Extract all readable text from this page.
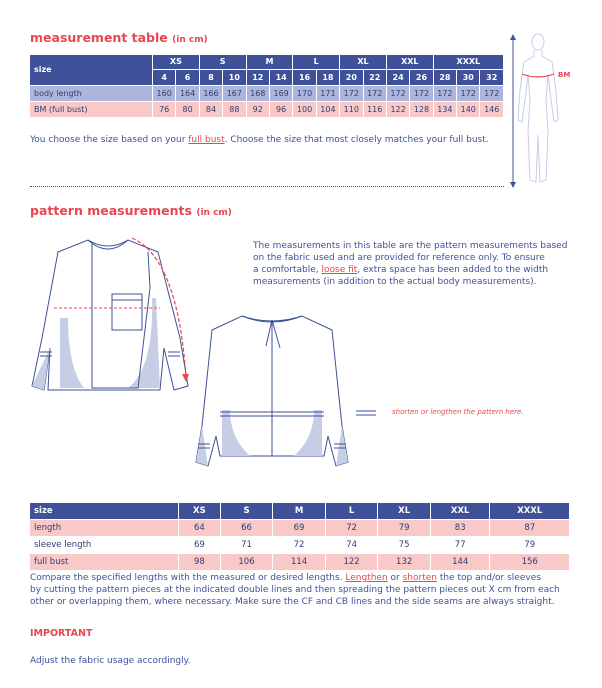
measurement table (in cm)
size	XS		S		M		L		XL		XXL		XXXL		
	4	6	8	10	12	14	16	18	20	22	24	26	28	30	32
body length	160	164	166	167	168	169	170	171	172	172	172	172	172	172	172
BM (full bust)	76	80	84	88	92	96	100	104	110	116	122	128	134	140	146
You choose the size based on your full bust. Choose the size that most closely matches your full bust.
BM
pattern measurements (in cm)
The measurements in this table are the pattern measurements based
on the fabric used and are provided for reference only. To ensure
a comfortable, loose fit, extra space has been added to the width
measurements (in addition to the actual body measurements).
shorten or lengthen the pattern here.
size	XS	S	M	L	XL	XXL	XXXL
length	64	66	69	72	79	83	87
sleeve length	69	71	72	74	75	77	79
full bust	98	106	114	122	132	144	156
Compare the specified lengths with the measured or desired lengths. Lengthen or shorten the top and/or sleeves
by cutting the pattern pieces at the indicated double lines and then spreading the pattern pieces out X cm from each
other or overlapping them, where necessary. Make sure the CF and CB lines and the side seams are always straight.
IMPORTANT
Adjust the fabric usage accordingly.
